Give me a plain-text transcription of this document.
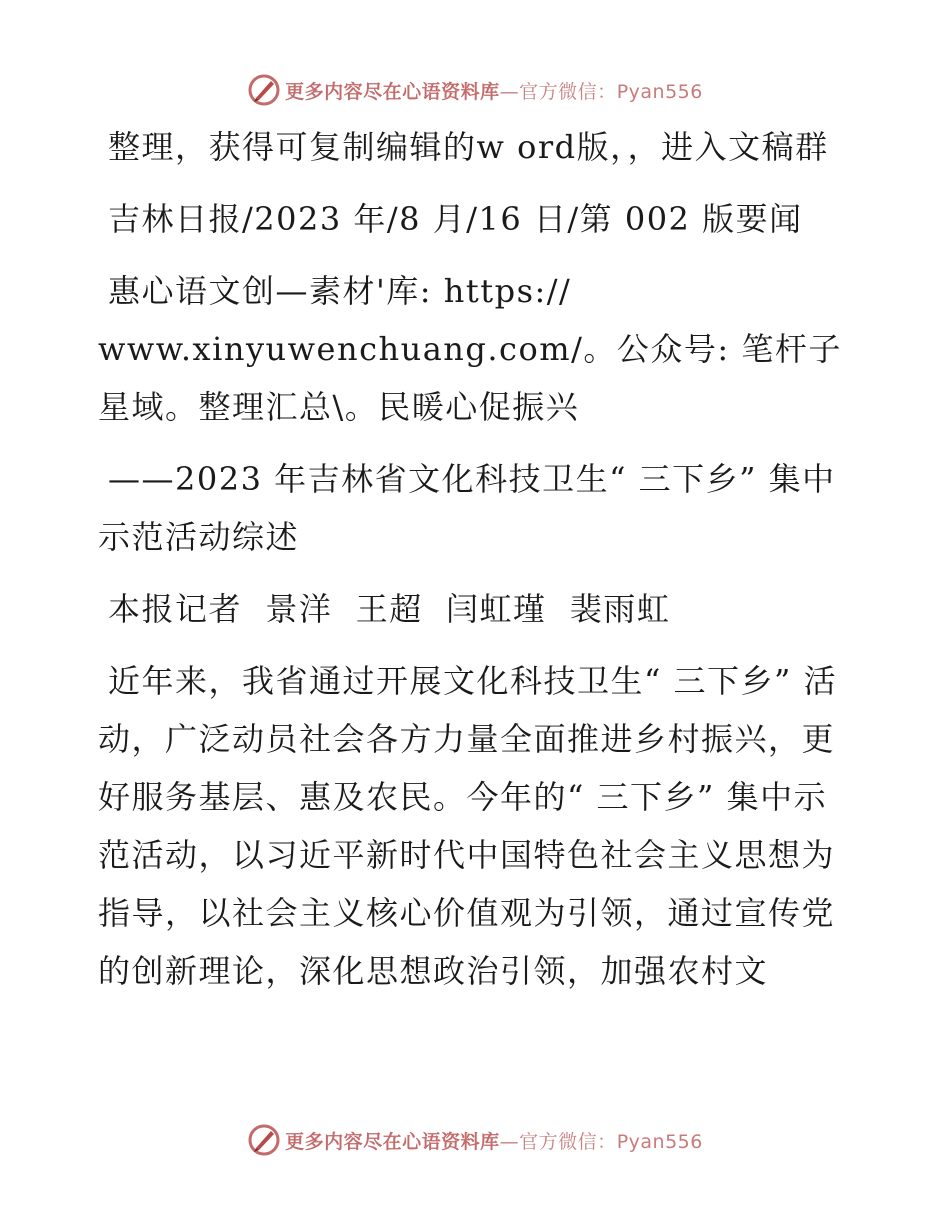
更多内容尽在心语资料库—官方微信：Pyan556

整理，获得可复制编辑的w ord版，，进入文稿群

吉林日报/2023 年/8 月/16 日/第 002 版要闻

惠心语文创—素材'库: https://
www.xinyuwenchuang.com/。公众号: 笔杆子星域。整理汇总\。民暖心促振兴

——2023 年吉林省文化科技卫生“ 三下乡” 集中示范活动综述

本报记者  景洋  王超  闫虹瑾  裴雨虹

近年来，我省通过开展文化科技卫生“ 三下乡” 活动，广泛动员社会各方力量全面推进乡村振兴，更好服务基层、惠及农民。今年的“ 三下乡” 集中示范活动，以习近平新时代中国特色社会主义思想为指导，以社会主义核心价值观为引领，通过宣传党的创新理论，深化思想政治引领，加强农村文

更多内容尽在心语资料库—官方微信：Pyan556
